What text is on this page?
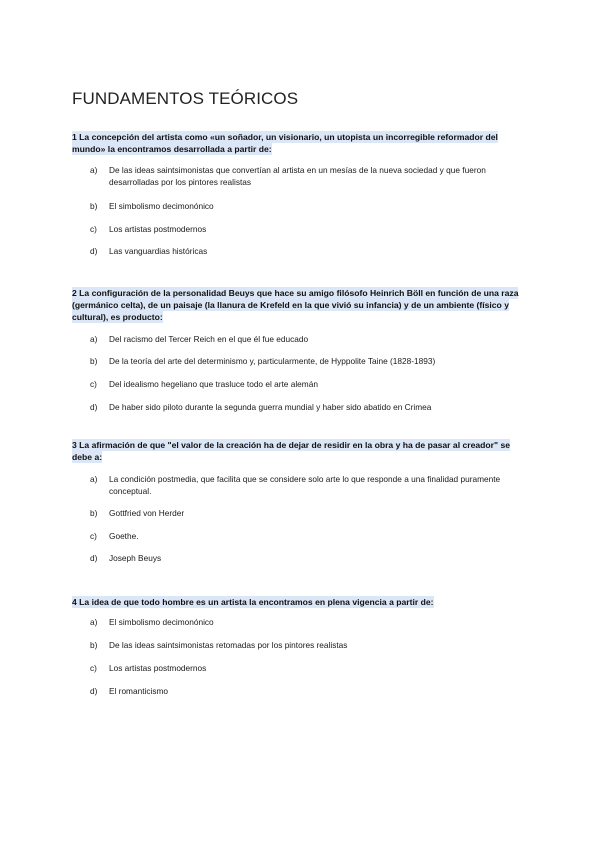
FUNDAMENTOS TEÓRICOS
1 La concepción del artista como «un soñador, un visionario, un utopista un incorregible reformador del mundo» la encontramos desarrollada a partir de:
a) De las ideas saintsimonistas que convertían al artista en un mesías de la nueva sociedad y que fueron desarrolladas por los pintores realistas
b) El simbolismo decimonónico
c) Los artistas postmodernos
d) Las vanguardias históricas
2 La configuración de la personalidad Beuys que hace su amigo filósofo Heinrich Böll en función de una raza (germánico celta), de un paisaje (la llanura de Krefeld en la que vivió su infancia) y de un ambiente (físico y cultural), es producto:
a) Del racismo del Tercer Reich en el que él fue educado
b) De la teoría del arte del determinismo y, particularmente, de Hyppolite Taine (1828-1893)
c) Del idealismo hegeliano que trasluce todo el arte alemán
d) De haber sido piloto durante la segunda guerra mundial y haber sido abatido en Crimea
3 La afirmación de que "el valor de la creación ha de dejar de residir en la obra y ha de pasar al creador" se debe a:
a) La condición postmedia, que facilita que se considere solo arte lo que responde a una finalidad puramente conceptual.
b) Gottfried von Herder
c) Goethe.
d) Joseph Beuys
4 La idea de que todo hombre es un artista la encontramos en plena vigencia a partir de:
a) El simbolismo decimonónico
b) De las ideas saintsimonistas retomadas por los pintores realistas
c) Los artistas postmodernos
d) El romanticismo
